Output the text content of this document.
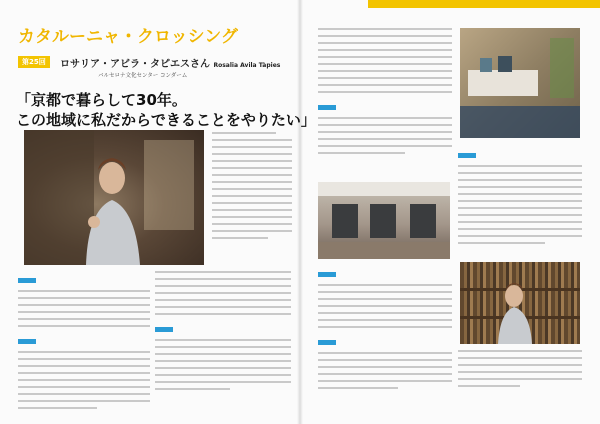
カタルーニャ・クロッシング
第25回	ロサリア・アビラ・タピエスさん Rosalia Avila Tàpies
バルセロナ文化センター コンダーム
「京都で暮らして30年。
この地域に私だからできることをやりたい」
